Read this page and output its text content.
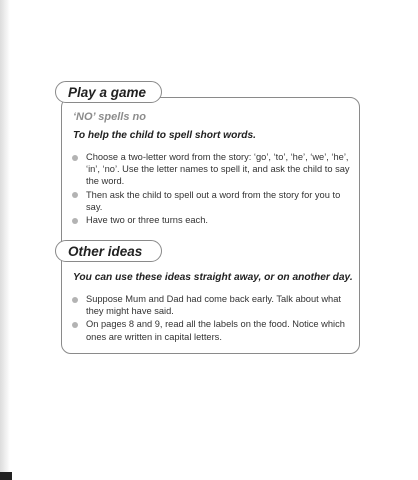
Play a game
‘NO’ spells no
To help the child to spell short words.
Choose a two-letter word from the story: ‘go’, ‘to’, ‘he’, ‘we’, ‘he’, ‘in’, ‘no’. Use the letter names to spell it, and ask the child to say the word.
Then ask the child to spell out a word from the story for you to say.
Have two or three turns each.
Other ideas
You can use these ideas straight away, or on another day.
Suppose Mum and Dad had come back early. Talk about what they might have said.
On pages 8 and 9, read all the labels on the food. Notice which ones are written in capital letters.
